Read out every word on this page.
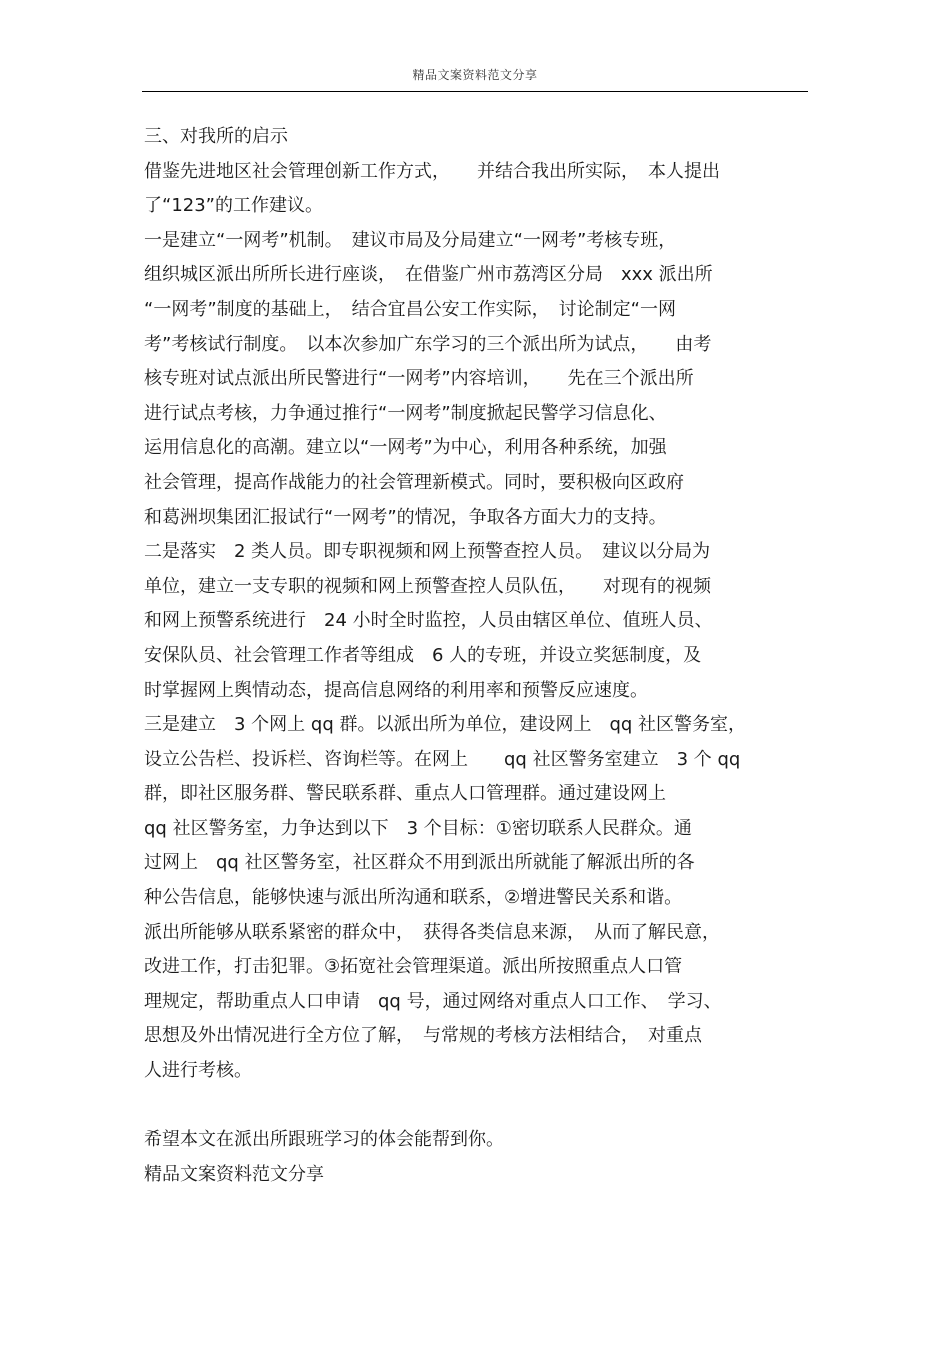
精品文案资料范文分享
三、对我所的启示
借鉴先进地区社会管理创新工作方式，　　并结合我出所实际，　本人提出
了“123”的工作建议。
一是建立“一网考”机制。　建议市局及分局建立“一网考”考核专班，
组织城区派出所所长进行座谈，　在借鉴广州市荔湾区分局　xxx 派出所
“一网考”制度的基础上，　结合宜昌公安工作实际，　讨论制定“一网
考”考核试行制度。　以本次参加广东学习的三个派出所为试点，　　由考
核专班对试点派出所民警进行“一网考”内容培训，　　先在三个派出所
进行试点考核，力争通过推行“一网考”制度掀起民警学习信息化、
运用信息化的高潮。建立以“一网考”为中心，利用各种系统，加强
社会管理，提高作战能力的社会管理新模式。同时，要积极向区政府
和葛洲坝集团汇报试行“一网考”的情况，争取各方面大力的支持。
二是落实　2 类人员。即专职视频和网上预警查控人员。　建议以分局为
单位，建立一支专职的视频和网上预警查控人员队伍，　　对现有的视频
和网上预警系统进行　24 小时全时监控，人员由辖区单位、值班人员、
安保队员、社会管理工作者等组成　6 人的专班，并设立奖惩制度，及
时掌握网上舆情动态，提高信息网络的利用率和预警反应速度。
三是建立　3 个网上 qq 群。以派出所为单位，建设网上　qq 社区警务室，
设立公告栏、投诉栏、咨询栏等。在网上　　qq 社区警务室建立　3 个 qq
群，即社区服务群、警民联系群、重点人口管理群。通过建设网上
qq 社区警务室，力争达到以下　3 个目标：①密切联系人民群众。通
过网上　qq 社区警务室，社区群众不用到派出所就能了解派出所的各
种公告信息，能够快速与派出所沟通和联系，②增进警民关系和谐。
派出所能够从联系紧密的群众中，　获得各类信息来源，　从而了解民意，
改进工作，打击犯罪。③拓宽社会管理渠道。派出所按照重点人口管
理规定，帮助重点人口申请　qq 号，通过网络对重点人口工作、　学习、
思想及外出情况进行全方位了解，　与常规的考核方法相结合，　对重点
人进行考核。
希望本文在派出所跟班学习的体会能帮到你。
精品文案资料范文分享
